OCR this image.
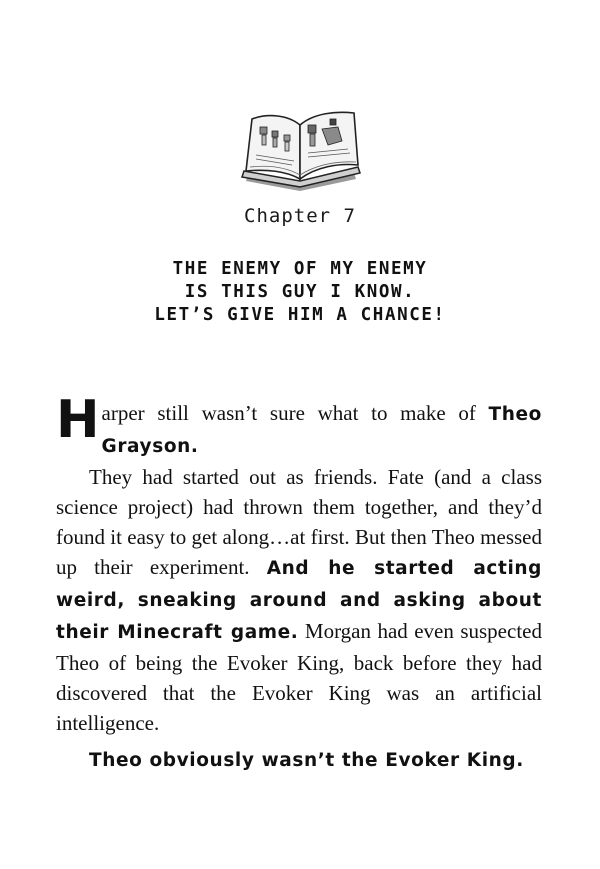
Chapter 7
THE ENEMY OF MY ENEMY
IS THIS GUY I KNOW.
LET’S GIVE HIM A CHANCE!

Harper still wasn’t sure what to make of Theo Grayson.

They had started out as friends. Fate (and a class science project) had thrown them together, and they’d found it easy to get along…at first. But then Theo messed up their experiment. And he started acting weird, sneaking around and asking about their Minecraft game. Morgan had even suspected Theo of being the Evoker King, back before they had discovered that the Evoker King was an artificial intelligence.

Theo obviously wasn’t the Evoker King.
